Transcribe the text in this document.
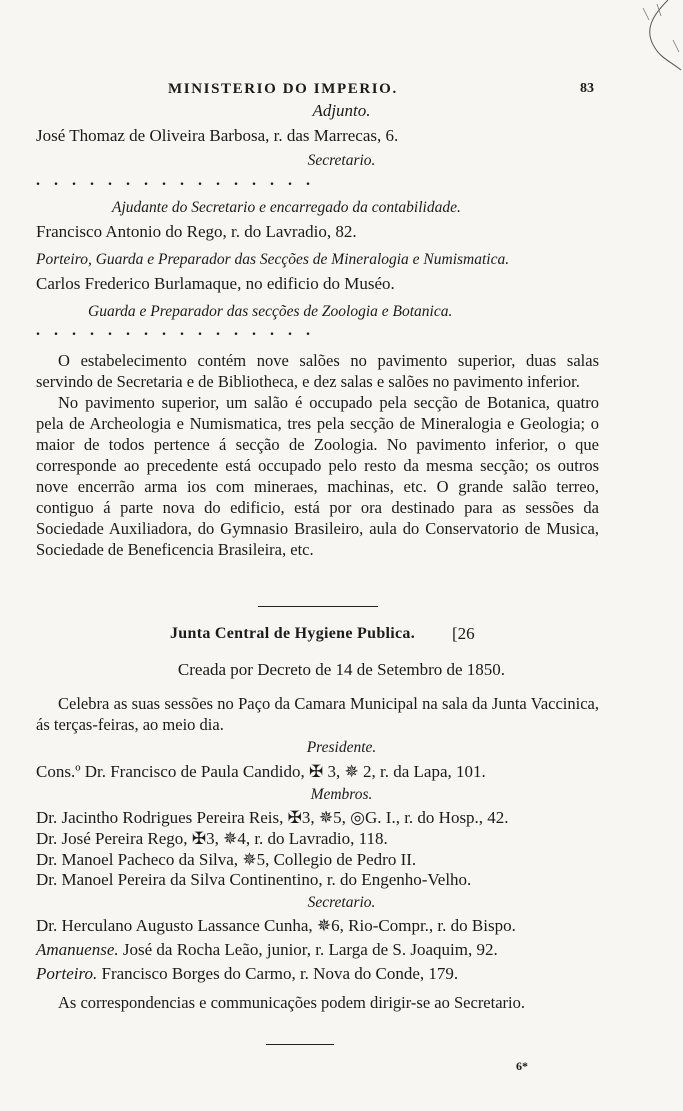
MINISTERIO DO IMPERIO.	83
Adjunto.
José Thomaz de Oliveira Barbosa, r. das Marrecas, 6.
Secretario.
................
Ajudante do Secretario e encarregado da contabilidade.
Francisco Antonio do Rego, r. do Lavradio, 82.
Porteiro, Guarda e Preparador das Secções de Mineralogia e Numismatica.
Carlos Frederico Burlamaque, no edificio do Muséo.
Guarda e Preparador das secções de Zoologia e Botanica.
................

O estabelecimento contém nove salões no pavimento superior, duas salas servindo de Secretaria e de Bibliotheca, e dez salas e salões no pavimento inferior.

No pavimento superior, um salão é occupado pela secção de Botanica, quatro pela de Archeologia e Numismatica, tres pela secção de Mineralogia e Geologia; o maior de todos pertence á secção de Zoologia. No pavimento inferior, o que corresponde ao precedente está occupado pelo resto da mesma secção; os outros nove encerrão arma ios com mineraes, machinas, etc. O grande salão terreo, contiguo á parte nova do edificio, está por ora destinado para as sessões da Sociedade Auxiliadora, do Gymnasio Brasileiro, aula do Conservatorio de Musica, Sociedade de Beneficencia Brasileira, etc.

Junta Central de Hygiene Publica. [26
Creada por Decreto de 14 de Setembro de 1850.

Celebra as suas sessões no Paço da Camara Municipal na sala da Junta Vaccinica, ás terças-feiras, ao meio dia.

Presidente.
Cons.º Dr. Francisco de Paula Candido, ✠ 3, ✵ 2, r. da Lapa, 101.
Membros.
Dr. Jacintho Rodrigues Pereira Reis, ✠3, ✵5, ◎G. I., r. do Hosp., 42.
Dr. José Pereira Rego, ✠3, ✵4, r. do Lavradio, 118.
Dr. Manoel Pacheco da Silva, ✵5, Collegio de Pedro II.
Dr. Manoel Pereira da Silva Continentino, r. do Engenho-Velho.
Secretario.
Dr. Herculano Augusto Lassance Cunha, ✵6, Rio-Compr., r. do Bispo.
Amanuense. José da Rocha Leão, junior, r. Larga de S. Joaquim, 92.
Porteiro. Francisco Borges do Carmo, r. Nova do Conde, 179.

As correspondencias e communicações podem dirigir-se ao Secretario.

6*
